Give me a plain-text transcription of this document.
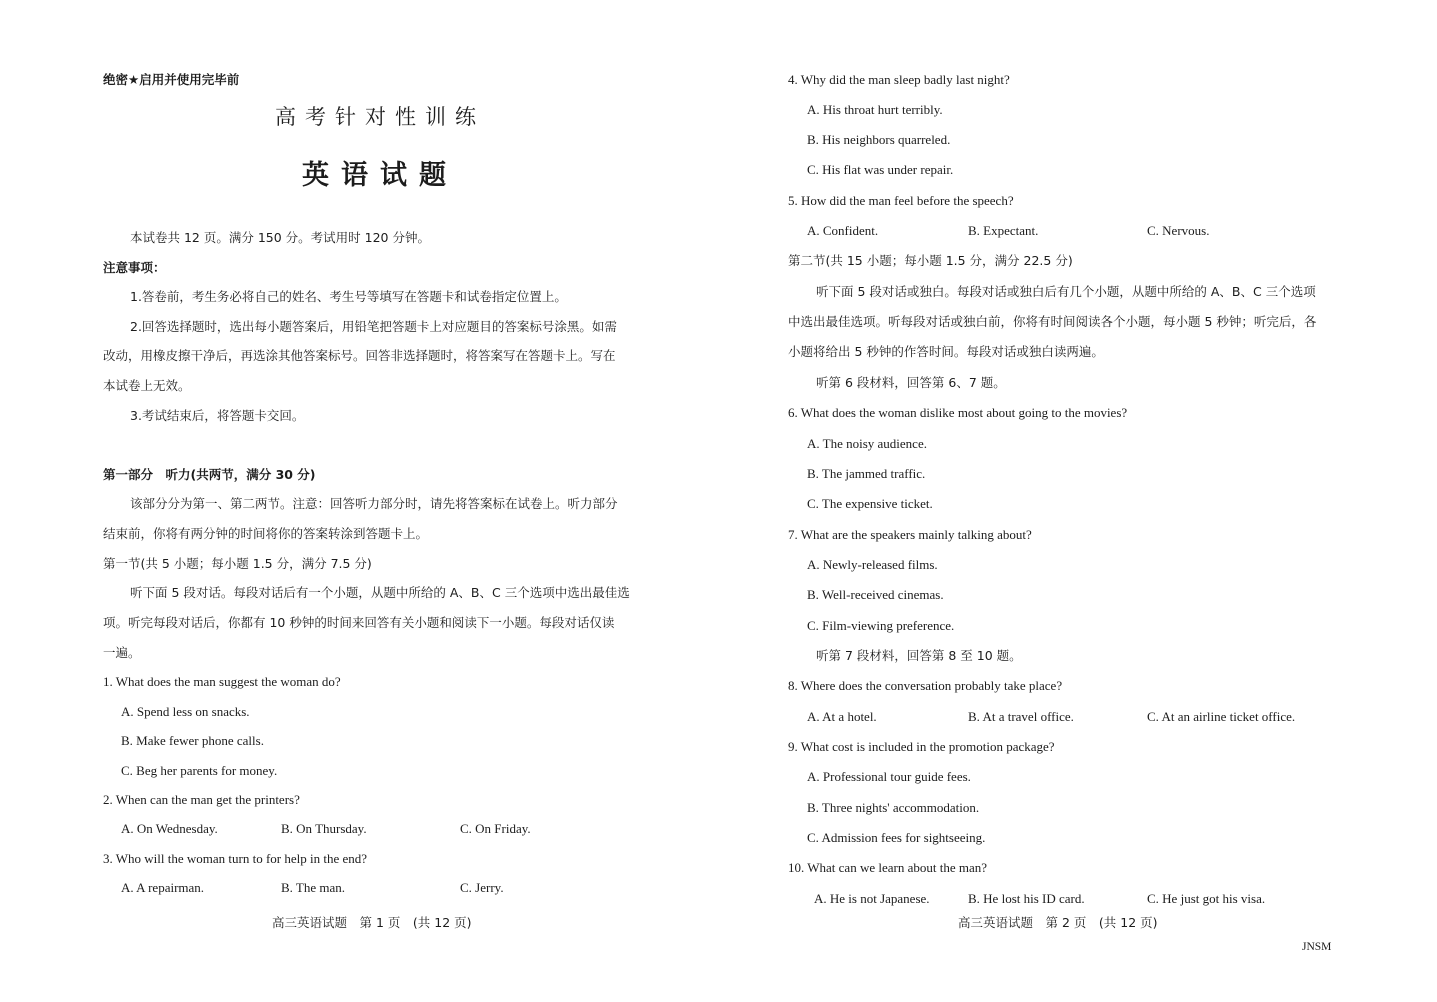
绝密★启用并使用完毕前
高考针对性训练
英语试题
本试卷共 12 页。满分 150 分。考试用时 120 分钟。
注意事项：
1.答卷前，考生务必将自己的姓名、考生号等填写在答题卡和试卷指定位置上。
2.回答选择题时，选出每小题答案后，用铅笔把答题卡上对应题目的答案标号涂黑。如需
改动，用橡皮擦干净后，再选涂其他答案标号。回答非选择题时，将答案写在答题卡上。写在
本试卷上无效。
3.考试结束后，将答题卡交回。
第一部分　听力(共两节，满分 30 分)
该部分分为第一、第二两节。注意：回答听力部分时，请先将答案标在试卷上。听力部分
结束前，你将有两分钟的时间将你的答案转涂到答题卡上。
第一节(共 5 小题；每小题 1.5 分，满分 7.5 分)
听下面 5 段对话。每段对话后有一个小题，从题中所给的 A、B、C 三个选项中选出最佳选
项。听完每段对话后，你都有 10 秒钟的时间来回答有关小题和阅读下一小题。每段对话仅读
一遍。
1. What does the man suggest the woman do?
A. Spend less on snacks.
B. Make fewer phone calls.
C. Beg her parents for money.
2. When can the man get the printers?
A. On Wednesday.	B. On Thursday.	C. On Friday.
3. Who will the woman turn to for help in the end?
A. A repairman.	B. The man.	C. Jerry.
高三英语试题　第 1 页　(共 12 页)
4. Why did the man sleep badly last night?
A. His throat hurt terribly.
B. His neighbors quarreled.
C. His flat was under repair.
5. How did the man feel before the speech?
A. Confident.	B. Expectant.	C. Nervous.
第二节(共 15 小题；每小题 1.5 分，满分 22.5 分)
听下面 5 段对话或独白。每段对话或独白后有几个小题，从题中所给的 A、B、C 三个选项
中选出最佳选项。听每段对话或独白前，你将有时间阅读各个小题，每小题 5 秒钟；听完后，各
小题将给出 5 秒钟的作答时间。每段对话或独白读两遍。
听第 6 段材料，回答第 6、7 题。
6. What does the woman dislike most about going to the movies?
A. The noisy audience.
B. The jammed traffic.
C. The expensive ticket.
7. What are the speakers mainly talking about?
A. Newly-released films.
B. Well-received cinemas.
C. Film-viewing preference.
听第 7 段材料，回答第 8 至 10 题。
8. Where does the conversation probably take place?
A. At a hotel.	B. At a travel office.	C. At an airline ticket office.
9. What cost is included in the promotion package?
A. Professional tour guide fees.
B. Three nights' accommodation.
C. Admission fees for sightseeing.
10. What can we learn about the man?
A. He is not Japanese.	B. He lost his ID card.	C. He just got his visa.
高三英语试题　第 2 页　(共 12 页)
JNSM
